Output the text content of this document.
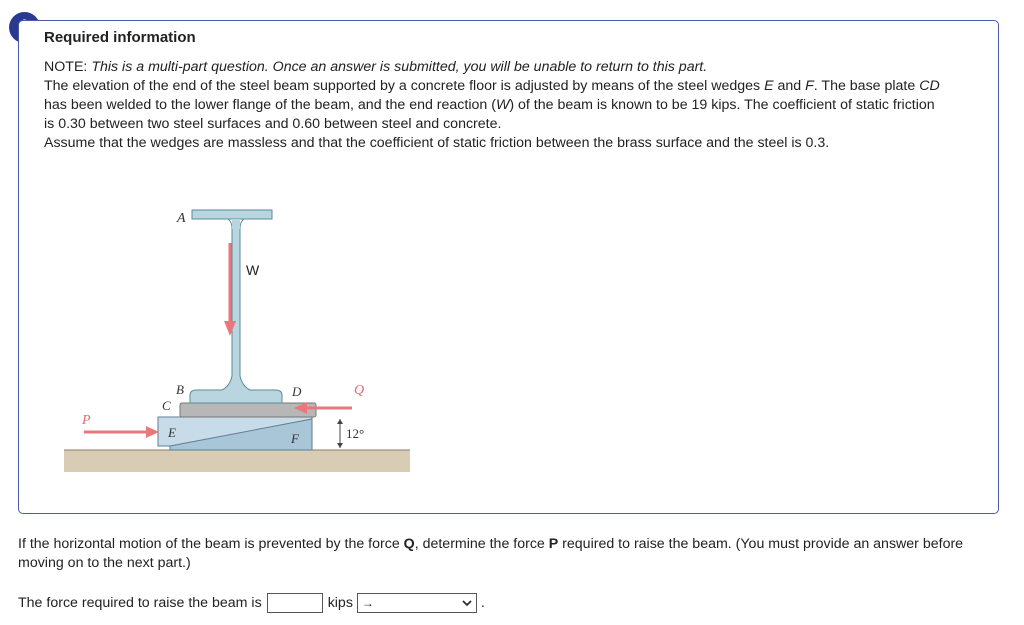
Required information

NOTE: This is a multi-part question. Once an answer is submitted, you will be unable to return to this part.

The elevation of the end of the steel beam supported by a concrete floor is adjusted by means of the steel wedges E and F. The base plate CD has been welded to the lower flange of the beam, and the end reaction (W) of the beam is known to be 19 kips. The coefficient of static friction is 0.30 between two steel surfaces and 0.60 between steel and concrete.

Assume that the wedges are massless and that the coefficient of static friction between the brass surface and the steel is 0.3.

W
A
B
C
D	Q
P
E	F	12°
If the horizontal motion of the beam is prevented by the force Q, determine the force P required to raise the beam. (You must provide an answer before moving on to the next part.)
The force required to raise the beam is	kips →	.
